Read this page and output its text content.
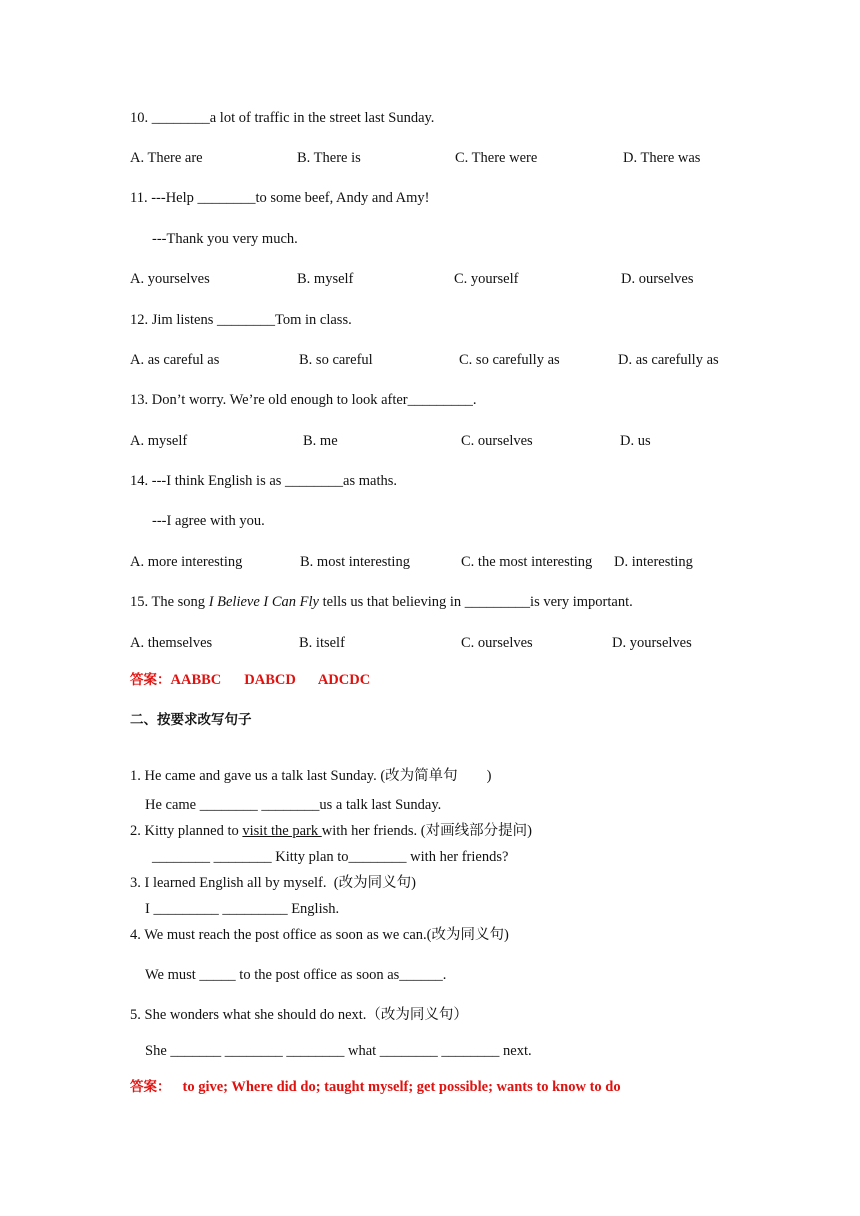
10. ________a lot of traffic in the street last Sunday.
A. There are	B. There is	C. There were	D. There was
11. ---Help ________to some beef, Andy and Amy!
---Thank you very much.
A. yourselves	B. myself	C. yourself	D. ourselves
12. Jim listens ________Tom in class.
A. as careful as	B. so careful	C. so carefully as	D. as carefully as
13. Don’t worry. We’re old enough to look after_________.
A. myself	B. me	C. ourselves	D. us
14. ---I think English is as ________as maths.
---I agree with you.
A. more interesting	B. most interesting	C. the most interesting D. interesting
15. The song I Believe I Can Fly tells us that believing in _________is very important.
A. themselves	B. itself	C. ourselves	D. yourselves
答案：AABBC DABCD ADCDC
二、按要求改写句子
1. He came and gave us a talk last Sunday. (改为简单句        )
He came ________ ________us a talk last Sunday.
2. Kitty planned to visit the park with her friends. (对画线部分提问)
________ ________ Kitty plan to________ with her friends?
3. I learned English all by myself.  (改为同义句)
I _________ _________ English.
4. We must reach the post office as soon as we can.(改为同义句)
We must _____ to the post office as soon as______.
5. She wonders what she should do next.（改为同义句）
She _______ ________ ________ what ________ ________ next.
答案： to give; Where did do; taught myself; get possible; wants to know to do
